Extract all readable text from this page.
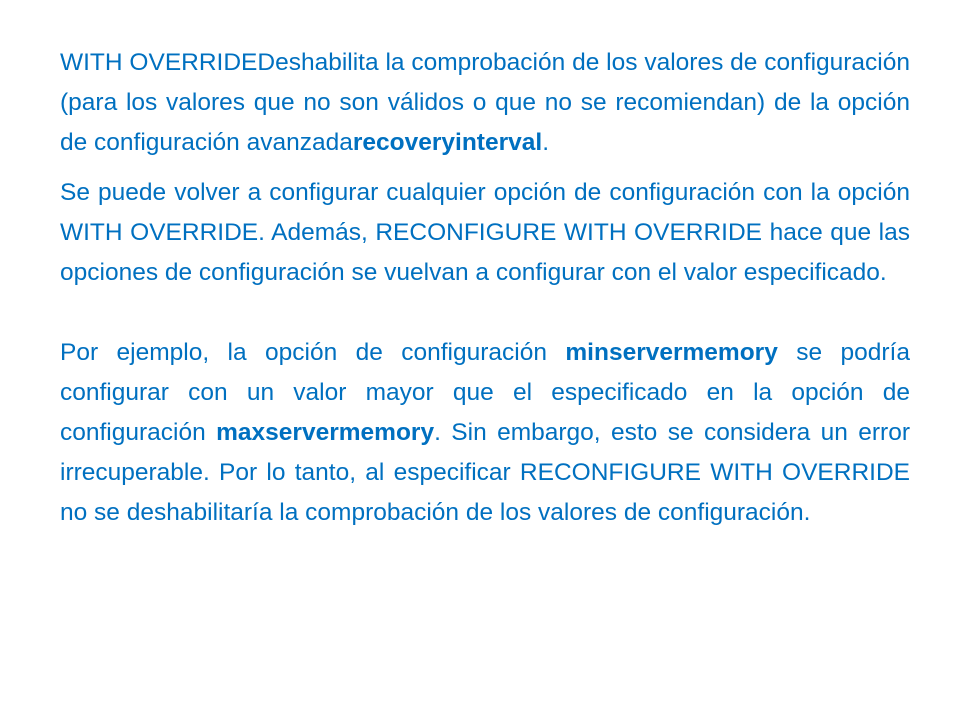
WITH OVERRIDEDeshabilita la comprobación de los valores de configuración (para los valores que no son válidos o que no se recomiendan) de la opción de configuración avanzadarecoveryinterval.

Se puede volver a configurar cualquier opción de configuración con la opción WITH OVERRIDE. Además, RECONFIGURE WITH OVERRIDE hace que las opciones de configuración se vuelvan a configurar con el valor especificado.

Por ejemplo, la opción de configuración minservermemory se podría configurar con un valor mayor que el especificado en la opción de configuración maxservermemory. Sin embargo, esto se considera un error irrecuperable. Por lo tanto, al especificar RECONFIGURE WITH OVERRIDE no se deshabilitaría la comprobación de los valores de configuración.
